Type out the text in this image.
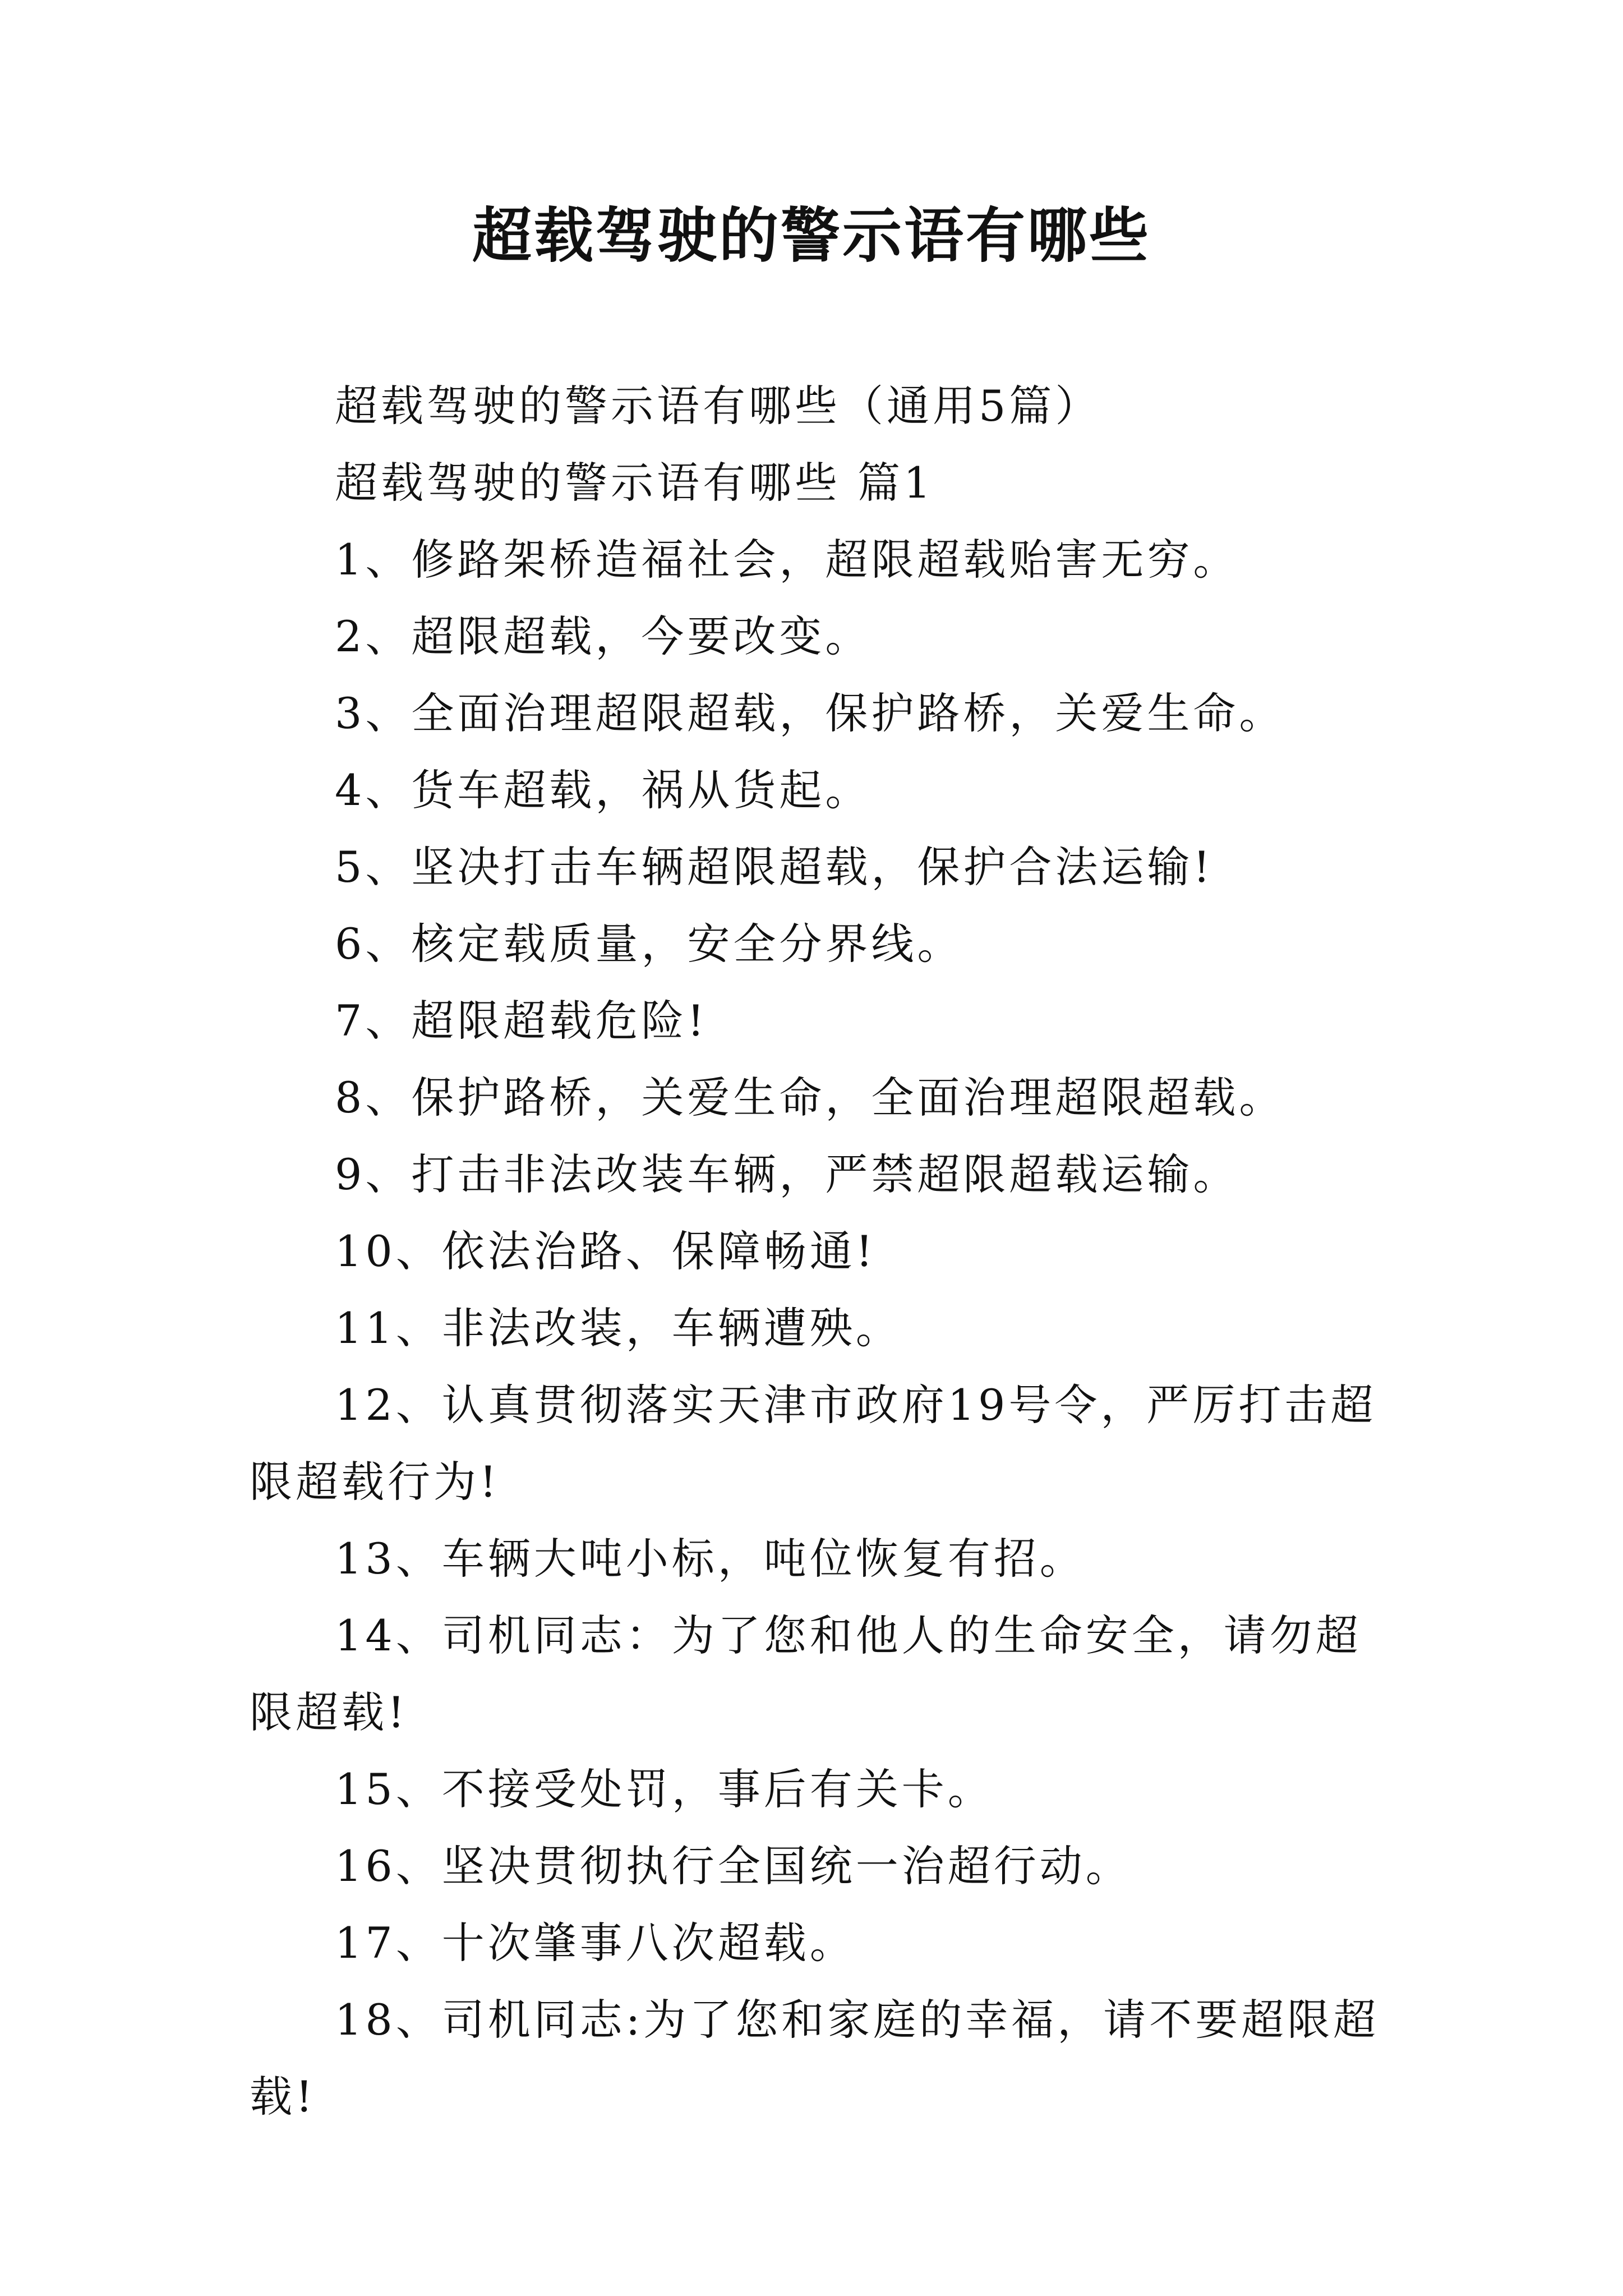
超载驾驶的警示语有哪些

超载驾驶的警示语有哪些（通用5篇）

超载驾驶的警示语有哪些 篇1

1、修路架桥造福社会，超限超载贻害无穷。

2、超限超载，今要改变。

3、全面治理超限超载，保护路桥，关爱生命。

4、货车超载，祸从货起。

5、坚决打击车辆超限超载，保护合法运输!

6、核定载质量，安全分界线。

7、超限超载危险!

8、保护路桥，关爱生命，全面治理超限超载。

9、打击非法改装车辆，严禁超限超载运输。

10、依法治路、保障畅通!

11、非法改装，车辆遭殃。

12、认真贯彻落实天津市政府19号令，严厉打击超限超载行为!

13、车辆大吨小标，吨位恢复有招。

14、司机同志：为了您和他人的生命安全，请勿超限超载!

15、不接受处罚，事后有关卡。

16、坚决贯彻执行全国统一治超行动。

17、十次肇事八次超载。

18、司机同志:为了您和家庭的幸福，请不要超限超载!
